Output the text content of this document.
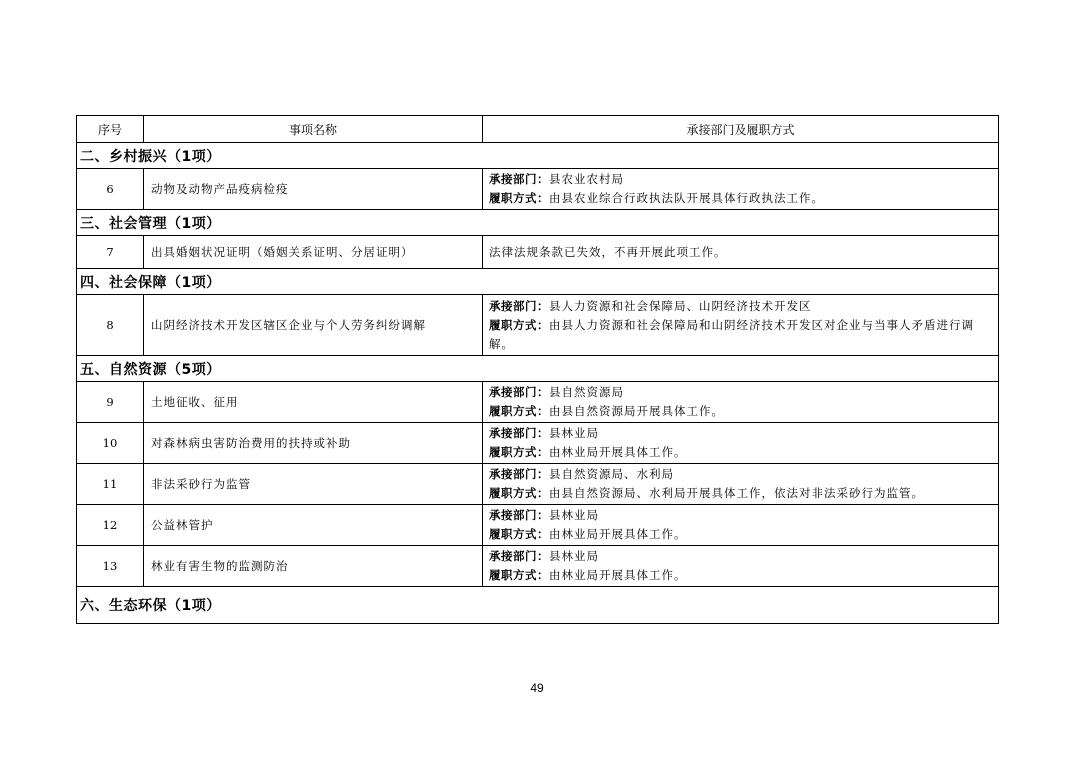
序号	事项名称	承接部门及履职方式
二、乡村振兴（1项）		
6	动物及动物产品疫病检疫	承接部门：县农业农村局
履职方式：由县农业综合行政执法队开展具体行政执法工作。

三、社会管理（1项）		
7	出具婚姻状况证明（婚姻关系证明、分居证明）	法律法规条款已失效，不再开展此项工作。
四、社会保障（1项）		
8	山阴经济技术开发区辖区企业与个人劳务纠纷调解	承接部门：县人力资源和社会保障局、山阴经济技术开发区
履职方式：由县人力资源和社会保障局和山阴经济技术开发区对企业与当事人矛盾进行调解。

五、自然资源（5项）		
9	土地征收、征用	承接部门：县自然资源局
履职方式：由县自然资源局开展具体工作。

10	对森林病虫害防治费用的扶持或补助	承接部门：县林业局
履职方式：由林业局开展具体工作。

11	非法采砂行为监管	承接部门：县自然资源局、水利局
履职方式：由县自然资源局、水利局开展具体工作，依法对非法采砂行为监管。

12	公益林管护	承接部门：县林业局
履职方式：由林业局开展具体工作。

13	林业有害生物的监测防治	承接部门：县林业局
履职方式：由林业局开展具体工作。

六、生态环保（1项）		
49
